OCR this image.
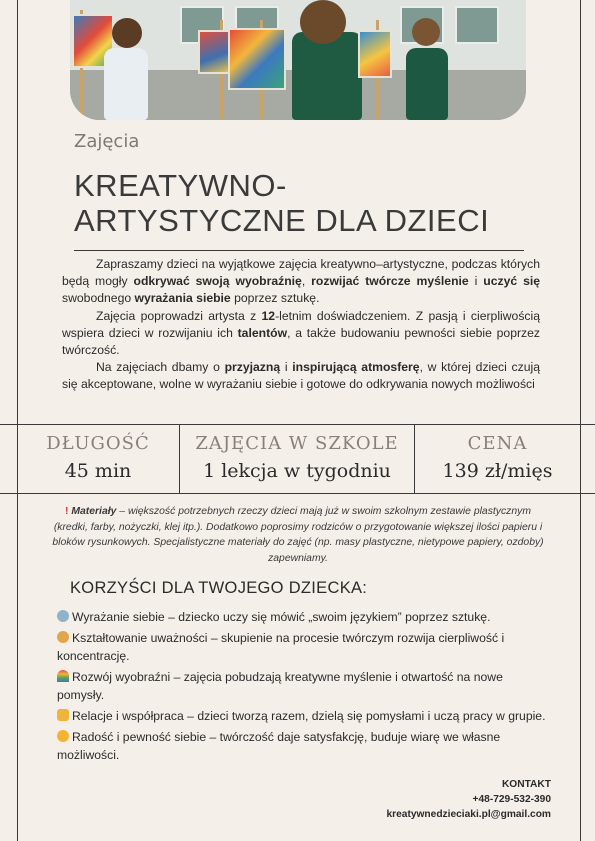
Zajęcia
KREATYWNO-
ARTYSTYCZNE DLA DZIECI

Zapraszamy dzieci na wyjątkowe zajęcia kreatywno–artystyczne, podczas których będą mogły odkrywać swoją wyobraźnię, rozwijać twórcze myślenie i uczyć się swobodnego wyrażania siebie poprzez sztukę.

Zajęcia poprowadzi artysta z 12-letnim doświadczeniem. Z pasją i cierpliwością wspiera dzieci w rozwijaniu ich talentów, a także budowaniu pewności siebie poprzez twórczość.

Na zajęciach dbamy o przyjazną i inspirującą atmosferę, w której dzieci czują się akceptowane, wolne w wyrażaniu siebie i gotowe do odkrywania nowych możliwości

DŁUGOŚĆ
45 min
ZAJĘCIA W SZKOLE
1 lekcja w tygodniu
CENA
139 zł/mięs
! Materiały – większość potrzebnych rzeczy dzieci mają już w swoim szkolnym zestawie plastycznym (kredki, farby, nożyczki, klej itp.). Dodatkowo poprosimy rodziców o przygotowanie większej ilości papieru i bloków rysunkowych. Specjalistyczne materiały do zajęć (np. masy plastyczne, nietypowe papiery, ozdoby) zapewniamy.
KORZYŚCI DLA TWOJEGO DZIECKA:

Wyrażanie siebie – dziecko uczy się mówić „swoim językiem” poprzez sztukę.

Kształtowanie uważności – skupienie na procesie twórczym rozwija cierpliwość i koncentrację.

Rozwój wyobraźni – zajęcia pobudzają kreatywne myślenie i otwartość na nowe pomysły.

Relacje i współpraca – dzieci tworzą razem, dzielą się pomysłami i uczą pracy w grupie.

Radość i pewność siebie – twórczość daje satysfakcję, buduje wiarę we własne możliwości.

KONTAKT
+48-729-532-390
kreatywnedzieciaki.pl@gmail.com
